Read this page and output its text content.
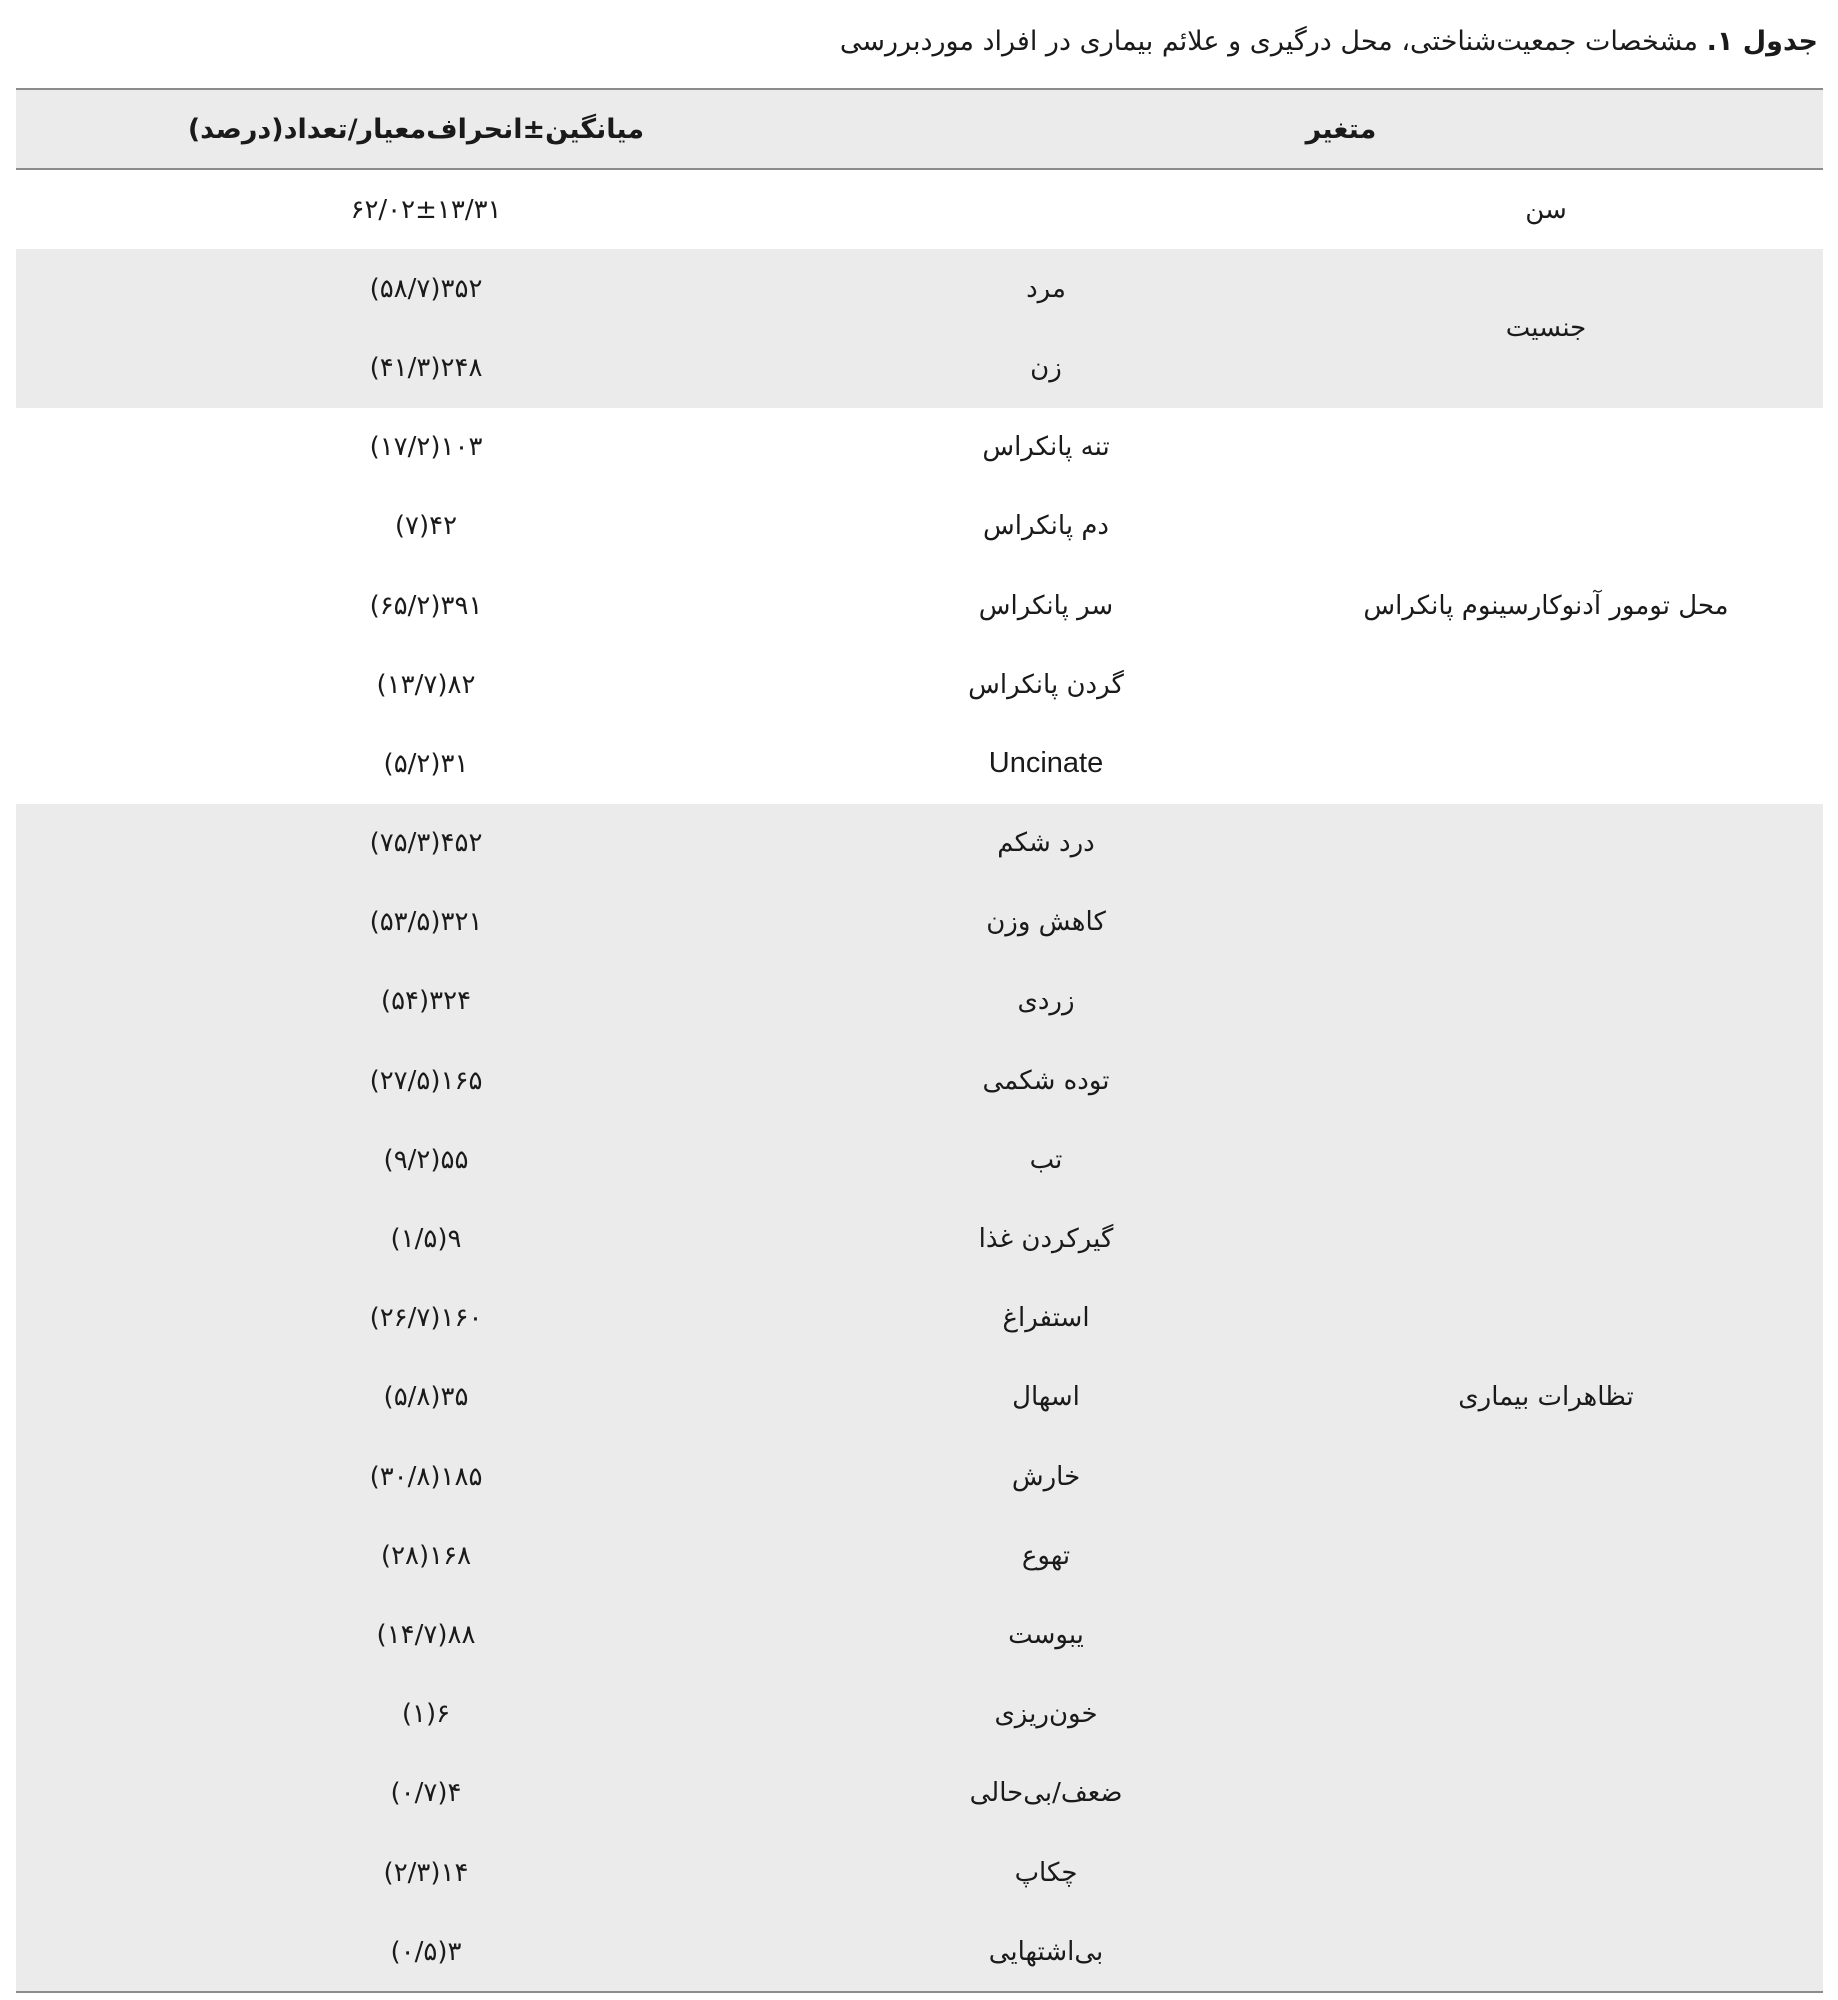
جدول ۱. مشخصات جمعیت‌شناختی، محل درگیری و علائم بیماری در افراد موردبررسی
متغیر
میانگین±انحراف‌معیار/تعداد(درصد)
سن
۶۲/۰۲±۱۳/۳۱
جنسیت
مرد
۳۵۲(۵۸/۷)
زن
۲۴۸(۴۱/۳)
محل تومور آدنوکارسینوم پانکراس
تنه پانکراس
۱۰۳(۱۷/۲)
دم پانکراس
۴۲(۷)
سر پانکراس
۳۹۱(۶۵/۲)
گردن پانکراس
۸۲(۱۳/۷)
Uncinate
۳۱(۵/۲)
تظاهرات بیماری
درد شکم
۴۵۲(۷۵/۳)
کاهش وزن
۳۲۱(۵۳/۵)
زردی
۳۲۴(۵۴)
توده شکمی
۱۶۵(۲۷/۵)
تب
۵۵(۹/۲)
گیرکردن غذا
۹(۱/۵)
استفراغ
۱۶۰(۲۶/۷)
اسهال
۳۵(۵/۸)
خارش
۱۸۵(۳۰/۸)
تهوع
۱۶۸(۲۸)
یبوست
۸۸(۱۴/۷)
خون‌ریزی
۶(۱)
ضعف/بی‌حالی
۴(۰/۷)
چکاپ
۱۴(۲/۳)
بی‌اشتهایی
۳(۰/۵)
